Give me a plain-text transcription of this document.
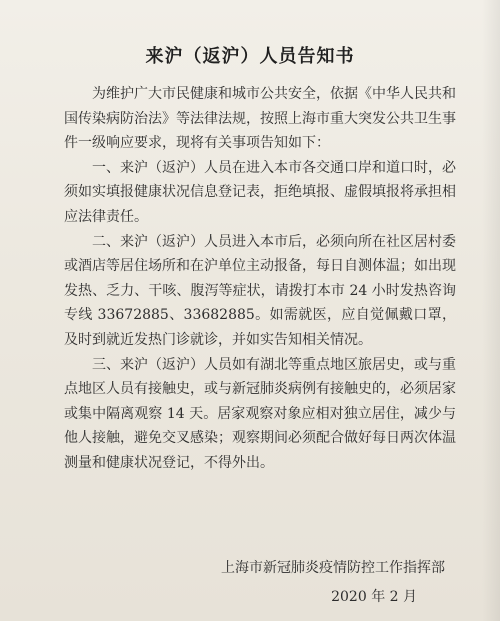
来沪（返沪）人员告知书

为维护广大市民健康和城市公共安全，依据《中华人民共和国传染病防治法》等法律法规，按照上海市重大突发公共卫生事件一级响应要求，现将有关事项告知如下：

一、来沪（返沪）人员在进入本市各交通口岸和道口时，必须如实填报健康状况信息登记表，拒绝填报、虚假填报将承担相应法律责任。

二、来沪（返沪）人员进入本市后，必须向所在社区居村委或酒店等居住场所和在沪单位主动报备，每日自测体温；如出现发热、乏力、干咳、腹泻等症状，请拨打本市 24 小时发热咨询专线 33672885、33682885。如需就医，应自觉佩戴口罩，及时到就近发热门诊就诊，并如实告知相关情况。

三、来沪（返沪）人员如有湖北等重点地区旅居史，或与重点地区人员有接触史，或与新冠肺炎病例有接触史的，必须居家或集中隔离观察 14 天。居家观察对象应相对独立居住，减少与他人接触，避免交叉感染；观察期间必须配合做好每日两次体温测量和健康状况登记，不得外出。

上海市新冠肺炎疫情防控工作指挥部
2020 年 2 月
